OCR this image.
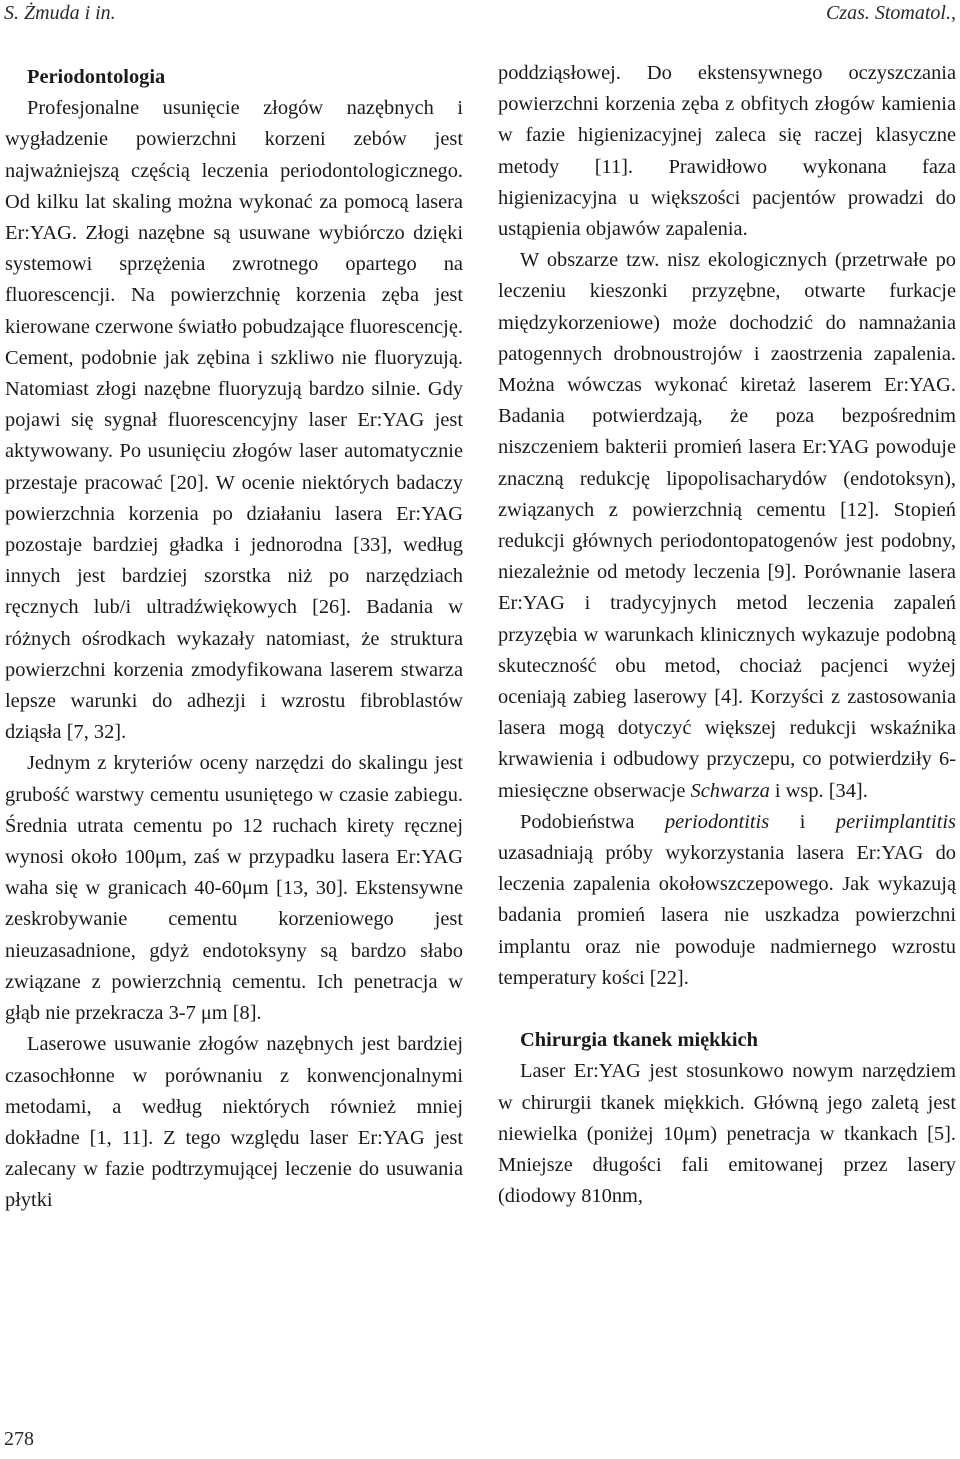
S. Żmuda i in.	Czas. Stomatol.,

Periodontologia

Profesjonalne usunięcie złogów nazębnych i wygładzenie powierzchni korzeni zebów jest najważniejszą częścią leczenia periodontologicznego. Od kilku lat skaling można wykonać za pomocą lasera Er:YAG. Złogi nazębne są usuwane wybiórczo dzięki systemowi sprzężenia zwrotnego opartego na fluorescencji. Na powierzchnię korzenia zęba jest kierowane czerwone światło pobudzające fluorescencję. Cement, podobnie jak zębina i szkliwo nie fluoryzują. Natomiast złogi nazębne fluoryzują bardzo silnie. Gdy pojawi się sygnał fluorescencyjny laser Er:YAG jest aktywowany. Po usunięciu złogów laser automatycznie przestaje pracować [20]. W ocenie niektórych badaczy powierzchnia korzenia po działaniu lasera Er:YAG pozostaje bardziej gładka i jednorodna [33], według innych jest bardziej szorstka niż po narzędziach ręcznych lub/i ultradźwiękowych [26]. Badania w różnych ośrodkach wykazały natomiast, że struktura powierzchni korzenia zmodyfikowana laserem stwarza lepsze warunki do adhezji i wzrostu fibroblastów dziąsła [7, 32].

Jednym z kryteriów oceny narzędzi do skalingu jest grubość warstwy cementu usuniętego w czasie zabiegu. Średnia utrata cementu po 12 ruchach kirety ręcznej wynosi około 100μm, zaś w przypadku lasera Er:YAG waha się w granicach 40-60μm [13, 30]. Ekstensywne zeskrobywanie cementu korzeniowego jest nieuzasadnione, gdyż endotoksyny są bardzo słabo związane z powierzchnią cementu. Ich penetracja w głąb nie przekracza 3-7 μm [8].

Laserowe usuwanie złogów nazębnych jest bardziej czasochłonne w porównaniu z konwencjonalnymi metodami, a według niektórych również mniej dokładne [1, 11]. Z tego względu laser Er:YAG jest zalecany w fazie podtrzymującej leczenie do usuwania płytki

poddziąsłowej. Do ekstensywnego oczyszczania powierzchni korzenia zęba z obfitych złogów kamienia w fazie higienizacyjnej zaleca się raczej klasyczne metody [11]. Prawidłowo wykonana faza higienizacyjna u większości pacjentów prowadzi do ustąpienia objawów zapalenia.

W obszarze tzw. nisz ekologicznych (przetrwałe po leczeniu kieszonki przyzębne, otwarte furkacje międzykorzeniowe) może dochodzić do namnażania patogennych drobnoustrojów i zaostrzenia zapalenia. Można wówczas wykonać kiretaż laserem Er:YAG. Badania potwierdzają, że poza bezpośrednim niszczeniem bakterii promień lasera Er:YAG powoduje znaczną redukcję lipopolisacharydów (endotoksyn), związanych z powierzchnią cementu [12]. Stopień redukcji głównych periodontopatogenów jest podobny, niezależnie od metody leczenia [9]. Porównanie lasera Er:YAG i tradycyjnych metod leczenia zapaleń przyzębia w warunkach klinicznych wykazuje podobną skuteczność obu metod, chociaż pacjenci wyżej oceniają zabieg laserowy [4]. Korzyści z zastosowania lasera mogą dotyczyć większej redukcji wskaźnika krwawienia i odbudowy przyczepu, co potwierdziły 6-miesięczne obserwacje Schwarza i wsp. [34].

Podobieństwa periodontitis i periimplantitis uzasadniają próby wykorzystania lasera Er:YAG do leczenia zapalenia okołowszczepowego. Jak wykazują badania promień lasera nie uszkadza powierzchni implantu oraz nie powoduje nadmiernego wzrostu temperatury kości [22].

Chirurgia tkanek miękkich

Laser Er:YAG jest stosunkowo nowym narzędziem w chirurgii tkanek miękkich. Główną jego zaletą jest niewielka (poniżej 10μm) penetracja w tkankach [5]. Mniejsze długości fali emitowanej przez lasery (diodowy 810nm,

278
